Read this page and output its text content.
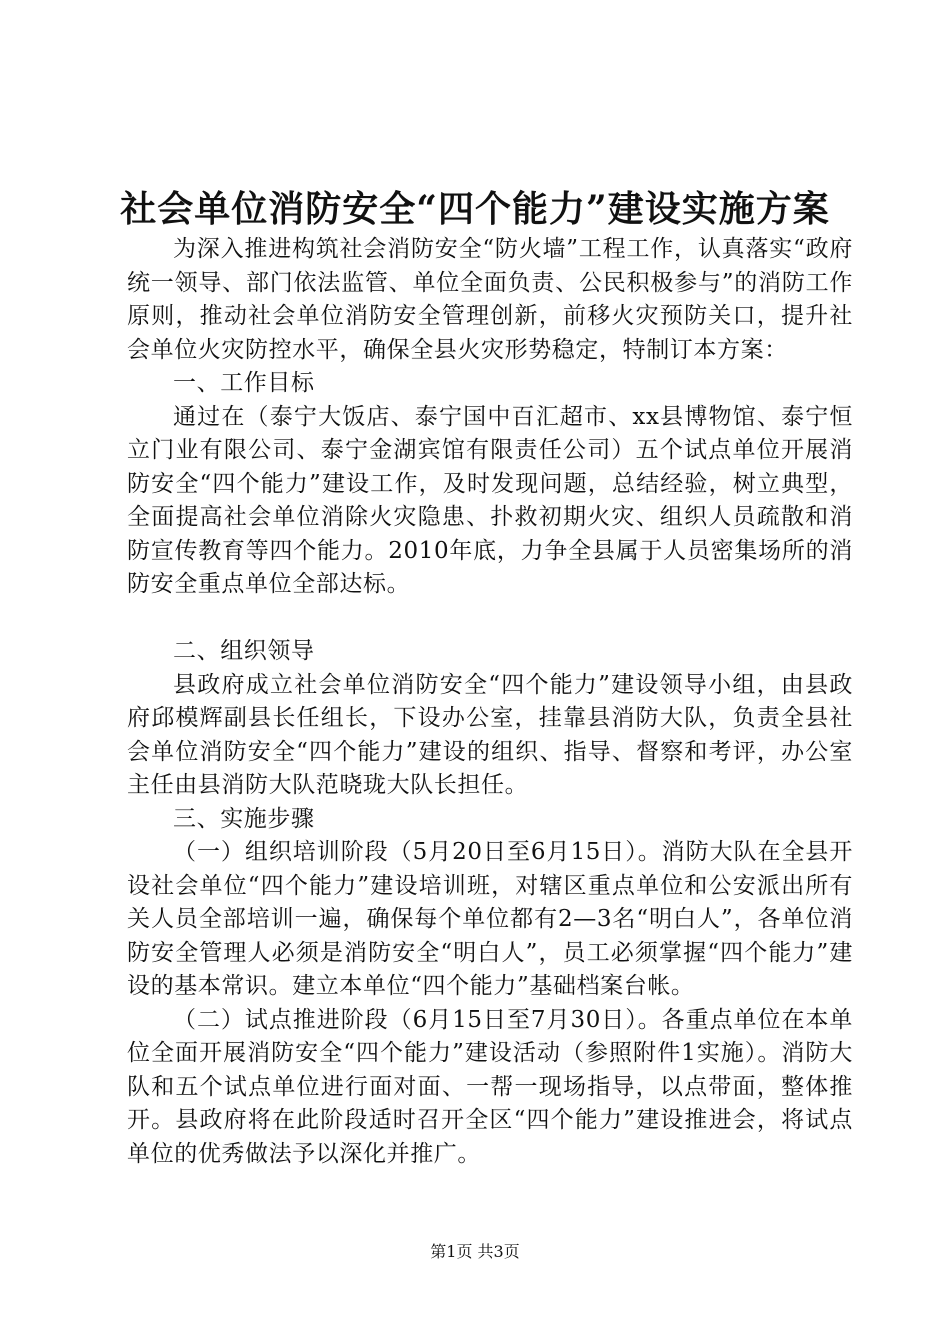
社会单位消防安全“四个能力”建设实施方案

为深入推进构筑社会消防安全“防火墙”工程工作，认真落实“政府统一领导、部门依法监管、单位全面负责、公民积极参与”的消防工作原则，推动社会单位消防安全管理创新，前移火灾预防关口，提升社会单位火灾防控水平，确保全县火灾形势稳定，特制订本方案：

一、工作目标

通过在（泰宁大饭店、泰宁国中百汇超市、xx县博物馆、泰宁恒立门业有限公司、泰宁金湖宾馆有限责任公司）五个试点单位开展消防安全“四个能力”建设工作，及时发现问题，总结经验，树立典型，全面提高社会单位消除火灾隐患、扑救初期火灾、组织人员疏散和消防宣传教育等四个能力。2010年底，力争全县属于人员密集场所的消防安全重点单位全部达标。

二、组织领导

县政府成立社会单位消防安全“四个能力”建设领导小组，由县政府邱模辉副县长任组长，下设办公室，挂靠县消防大队，负责全县社会单位消防安全“四个能力”建设的组织、指导、督察和考评，办公室主任由县消防大队范晓珑大队长担任。

三、实施步骤

（一）组织培训阶段（5月20日至6月15日）。消防大队在全县开设社会单位“四个能力”建设培训班，对辖区重点单位和公安派出所有关人员全部培训一遍，确保每个单位都有2—3名“明白人”，各单位消防安全管理人必须是消防安全“明白人”，员工必须掌握“四个能力”建设的基本常识。建立本单位“四个能力”基础档案台帐。

（二）试点推进阶段（6月15日至7月30日）。各重点单位在本单位全面开展消防安全“四个能力”建设活动（参照附件1实施）。消防大队和五个试点单位进行面对面、一帮一现场指导，以点带面，整体推开。县政府将在此阶段适时召开全区“四个能力”建设推进会，将试点单位的优秀做法予以深化并推广。

第1页 共3页
